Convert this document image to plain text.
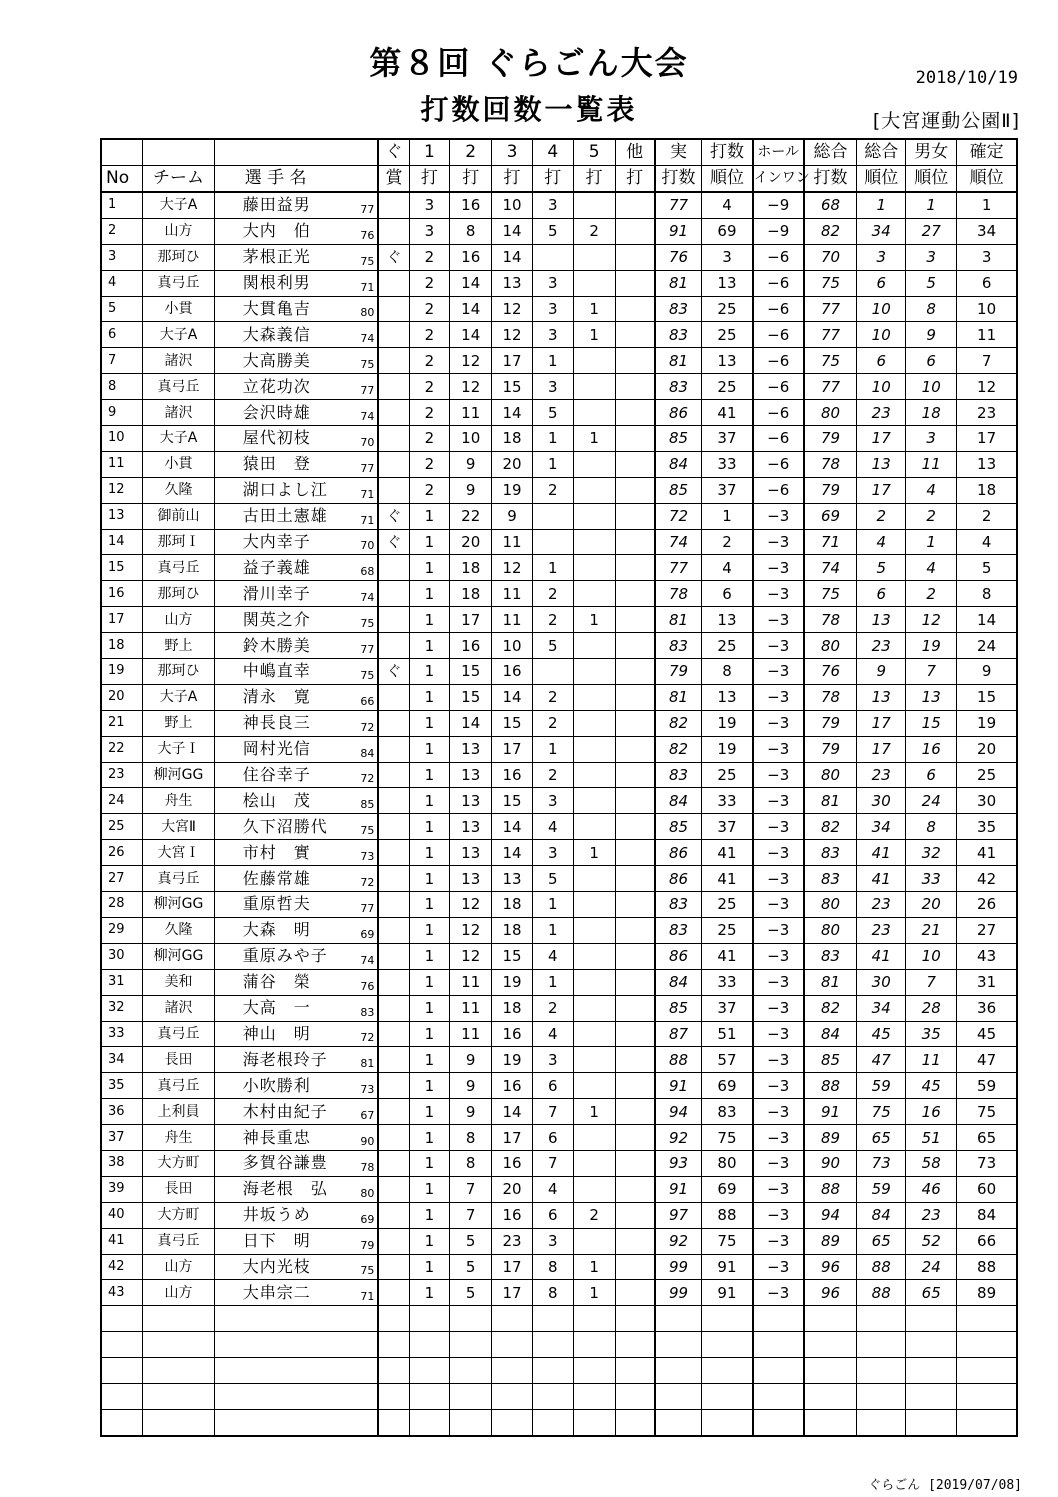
第８回 ぐらごん大会	2018/10/19
打数回数一覧表	[大宮運動公園Ⅱ]
				ぐ	1	2	3	4	5	他	実	打数	ホール	総合	総合	男女	確定
No	チーム	選 手 名		賞	打	打	打	打	打	打	打数	順位	インワン	打数	順位	順位	順位
1	大子A	藤田益男	77		3	16	10	3			77	4	−9	68	1	1	1
2	山方	大内　伯	76		3	8	14	5	2		91	69	−9	82	34	27	34
3	那珂ひ	茅根正光	75	ぐ	2	16	14				76	3	−6	70	3	3	3
4	真弓丘	関根利男	71		2	14	13	3			81	13	−6	75	6	5	6
5	小貫	大貫亀吉	80		2	14	12	3	1		83	25	−6	77	10	8	10
6	大子A	大森義信	74		2	14	12	3	1		83	25	−6	77	10	9	11
7	諸沢	大高勝美	75		2	12	17	1			81	13	−6	75	6	6	7
8	真弓丘	立花功次	77		2	12	15	3			83	25	−6	77	10	10	12
9	諸沢	会沢時雄	74		2	11	14	5			86	41	−6	80	23	18	23
10	大子A	屋代初枝	70		2	10	18	1	1		85	37	−6	79	17	3	17
11	小貫	猿田　登	77		2	9	20	1			84	33	−6	78	13	11	13
12	久隆	湖口よし江	71		2	9	19	2			85	37	−6	79	17	4	18
13	御前山	古田土憲雄	71	ぐ	1	22	9				72	1	−3	69	2	2	2
14	那珂Ｉ	大内幸子	70	ぐ	1	20	11				74	2	−3	71	4	1	4
15	真弓丘	益子義雄	68		1	18	12	1			77	4	−3	74	5	4	5
16	那珂ひ	滑川幸子	74		1	18	11	2			78	6	−3	75	6	2	8
17	山方	関英之介	75		1	17	11	2	1		81	13	−3	78	13	12	14
18	野上	鈴木勝美	77		1	16	10	5			83	25	−3	80	23	19	24
19	那珂ひ	中嶋直幸	75	ぐ	1	15	16				79	8	−3	76	9	7	9
20	大子A	清永　寛	66		1	15	14	2			81	13	−3	78	13	13	15
21	野上	神長良三	72		1	14	15	2			82	19	−3	79	17	15	19
22	大子Ｉ	岡村光信	84		1	13	17	1			82	19	−3	79	17	16	20
23	柳河GG	住谷幸子	72		1	13	16	2			83	25	−3	80	23	6	25
24	舟生	桧山　茂	85		1	13	15	3			84	33	−3	81	30	24	30
25	大宮Ⅱ	久下沼勝代	75		1	13	14	4			85	37	−3	82	34	8	35
26	大宮Ｉ	市村　實	73		1	13	14	3	1		86	41	−3	83	41	32	41
27	真弓丘	佐藤常雄	72		1	13	13	5			86	41	−3	83	41	33	42
28	柳河GG	重原哲夫	77		1	12	18	1			83	25	−3	80	23	20	26
29	久隆	大森　明	69		1	12	18	1			83	25	−3	80	23	21	27
30	柳河GG	重原みや子	74		1	12	15	4			86	41	−3	83	41	10	43
31	美和	蒲谷　榮	76		1	11	19	1			84	33	−3	81	30	7	31
32	諸沢	大高　一	83		1	11	18	2			85	37	−3	82	34	28	36
33	真弓丘	神山　明	72		1	11	16	4			87	51	−3	84	45	35	45
34	長田	海老根玲子	81		1	9	19	3			88	57	−3	85	47	11	47
35	真弓丘	小吹勝利	73		1	9	16	6			91	69	−3	88	59	45	59
36	上利員	木村由紀子	67		1	9	14	7	1		94	83	−3	91	75	16	75
37	舟生	神長重忠	90		1	8	17	6			92	75	−3	89	65	51	65
38	大方町	多賀谷謙豊	78		1	8	16	7			93	80	−3	90	73	58	73
39	長田	海老根　弘	80		1	7	20	4			91	69	−3	88	59	46	60
40	大方町	井坂うめ	69		1	7	16	6	2		97	88	−3	94	84	23	84
41	真弓丘	日下　明	79		1	5	23	3			92	75	−3	89	65	52	66
42	山方	大内光枝	75		1	5	17	8	1		99	91	−3	96	88	24	88
43	山方	大串宗二	71		1	5	17	8	1		99	91	−3	96	88	65	89

ぐらごん [2019/07/08]
